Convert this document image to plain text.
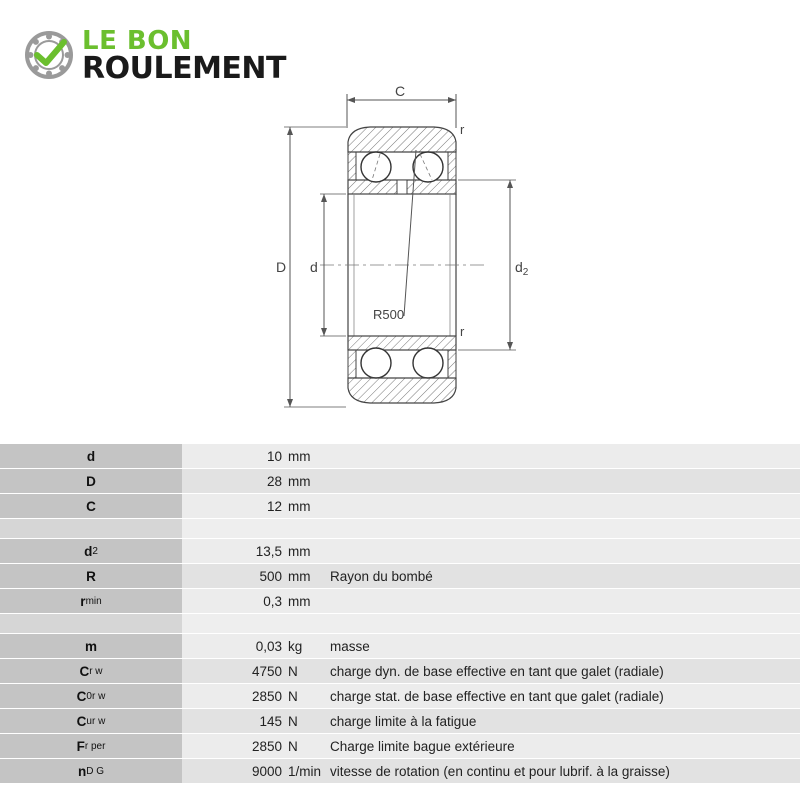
LE BON
ROULEMENT
C
r
R500
r
D d	$d_2$
d	10 mm
D	28 mm
C	12 mm
d 2	13,5 mm
R	500 mm	Rayon du bombé
r min	0,3 mm
m	0,03 kg	masse
C r w	4750 N	charge dyn. de base effective en tant que galet (radiale)
C 0r w	2850 N	charge stat. de base effective en tant que galet (radiale)
C ur w	145 N	charge limite à la fatigue
F r per	2850 N	Charge limite bague extérieure
n D G	9000 1/min vitesse de rotation (en continu et pour lubrif. à la graisse)
